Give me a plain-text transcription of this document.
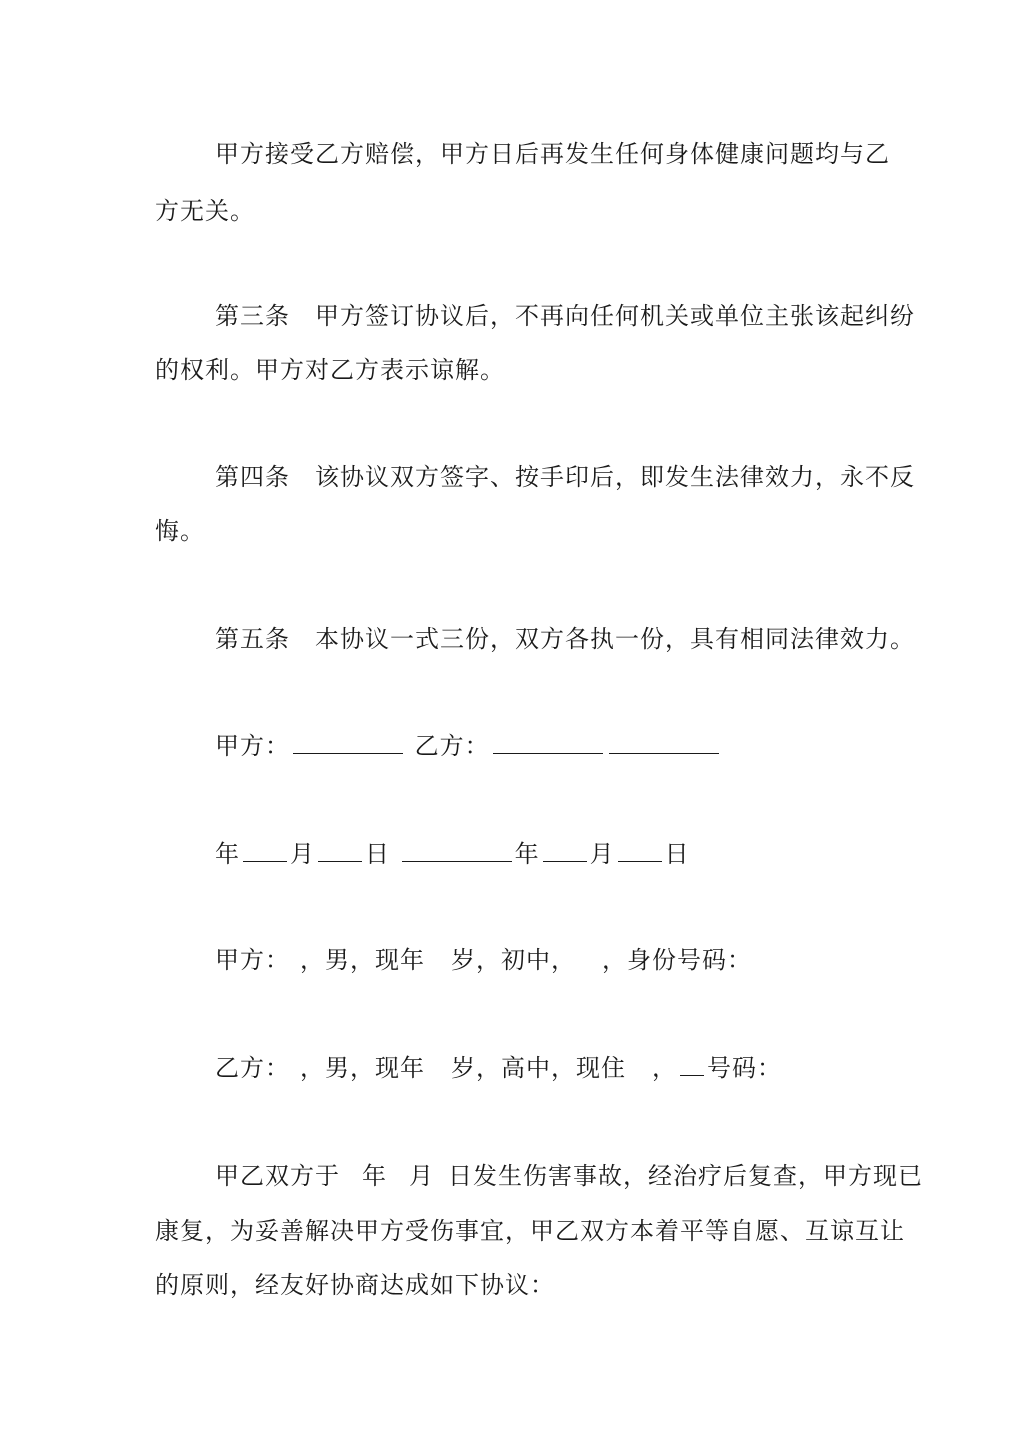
甲方接受乙方赔偿，甲方日后再发生任何身体健康问题均与乙
方无关。
第三条　甲方签订协议后，不再向任何机关或单位主张该起纠纷
的权利。甲方对乙方表示谅解。
第四条　该协议双方签字、按手印后，即发生法律效力，永不反
悔。
第五条　本协议一式三份，双方各执一份，具有相同法律效力。
甲方：	乙方：
年 月 日	年 月 日
甲方： ，男，现年 岁，初中， ，身份号码：
乙方： ，男，现年 岁，高中，现住 ， 号码：
甲乙双方于 年 月 日发生伤害事故，经治疗后复查，甲方现已
康复，为妥善解决甲方受伤事宜，甲乙双方本着平等自愿、互谅互让
的原则，经友好协商达成如下协议：
